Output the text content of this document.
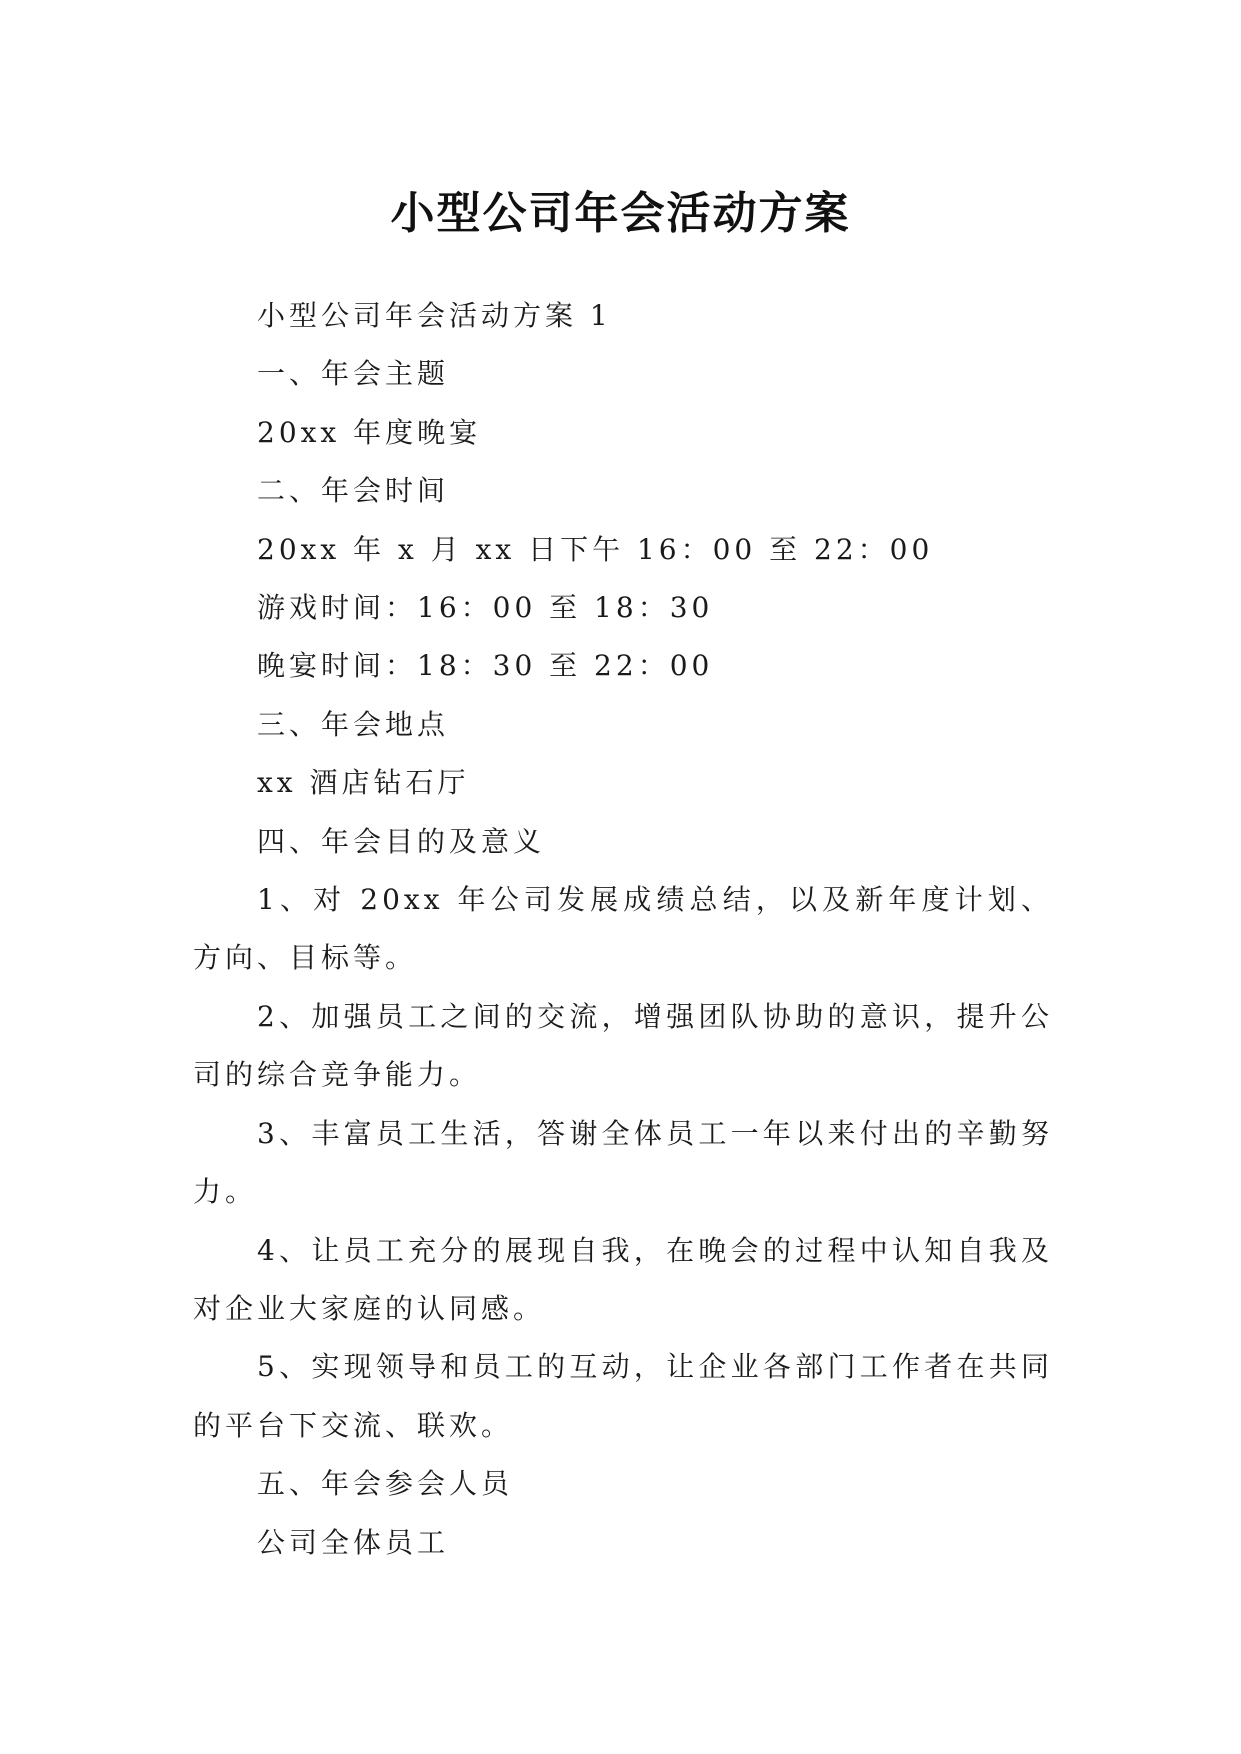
小型公司年会活动方案

小型公司年会活动方案 1

一、年会主题

20xx 年度晚宴

二、年会时间

20xx 年 x 月 xx 日下午 16：00 至 22：00

游戏时间：16：00 至 18：30

晚宴时间：18：30 至 22：00

三、年会地点

xx 酒店钻石厅

四、年会目的及意义

1、对 20xx 年公司发展成绩总结，以及新年度计划、方向、目标等。

2、加强员工之间的交流，增强团队协助的意识，提升公司的综合竞争能力。

3、丰富员工生活，答谢全体员工一年以来付出的辛勤努力。

4、让员工充分的展现自我，在晚会的过程中认知自我及对企业大家庭的认同感。

5、实现领导和员工的互动，让企业各部门工作者在共同的平台下交流、联欢。

五、年会参会人员

公司全体员工
